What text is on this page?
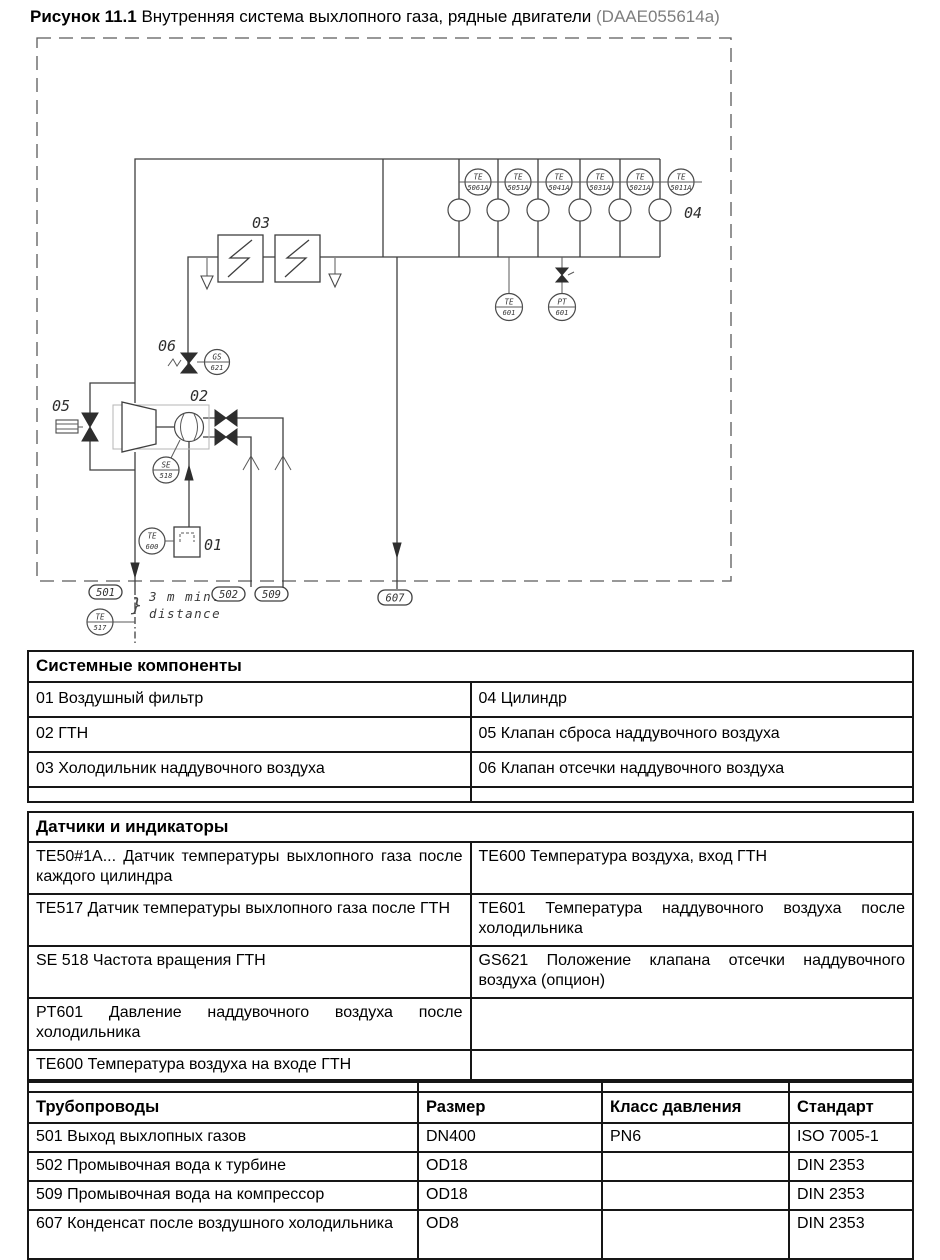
Рисунок 11.1 Внутренняя система выхлопного газа, рядные двигатели (DAAE055614a)
03
04
TE
5061A
TE
5051A
TE
5041A
TE
5031A
TE
5021A
TE
5011A
02
05
GS
621
06
SE
518
TE
600	01
TE
601
PT
601
501	502 509	607
TE
517
} 3 m min.
distance
Системные компоненты	
01 Воздушный фильтр	04 Цилиндр
02 ГТН	05 Клапан сброса наддувочного воздуха
03 Холодильник наддувочного воздуха	06 Клапан отсечки наддувочного воздуха

Датчики и индикаторы	
TE50#1A... Датчик температуры выхлопного газа после каждого цилиндра	TE600 Температура воздуха, вход ГТН
TE517 Датчик температуры выхлопного газа после ГТН	TE601 Температура наддувочного воздуха после холодильника
SE 518 Частота вращения ГТН	GS621 Положение клапана отсечки наддувочного воздуха (опцион)
PT601 Давление наддувочного воздуха после холодильника	
TE600 Температура воздуха на входе ГТН	

Трубопроводы	Размер	Класс давления	Стандарт
501 Выход выхлопных газов	DN400	PN6	ISO 7005-1
502 Промывочная вода к турбине	OD18		DIN 2353
509 Промывочная вода на компрессор	OD18		DIN 2353
607 Конденсат после воздушного холодильника	OD8		DIN 2353
